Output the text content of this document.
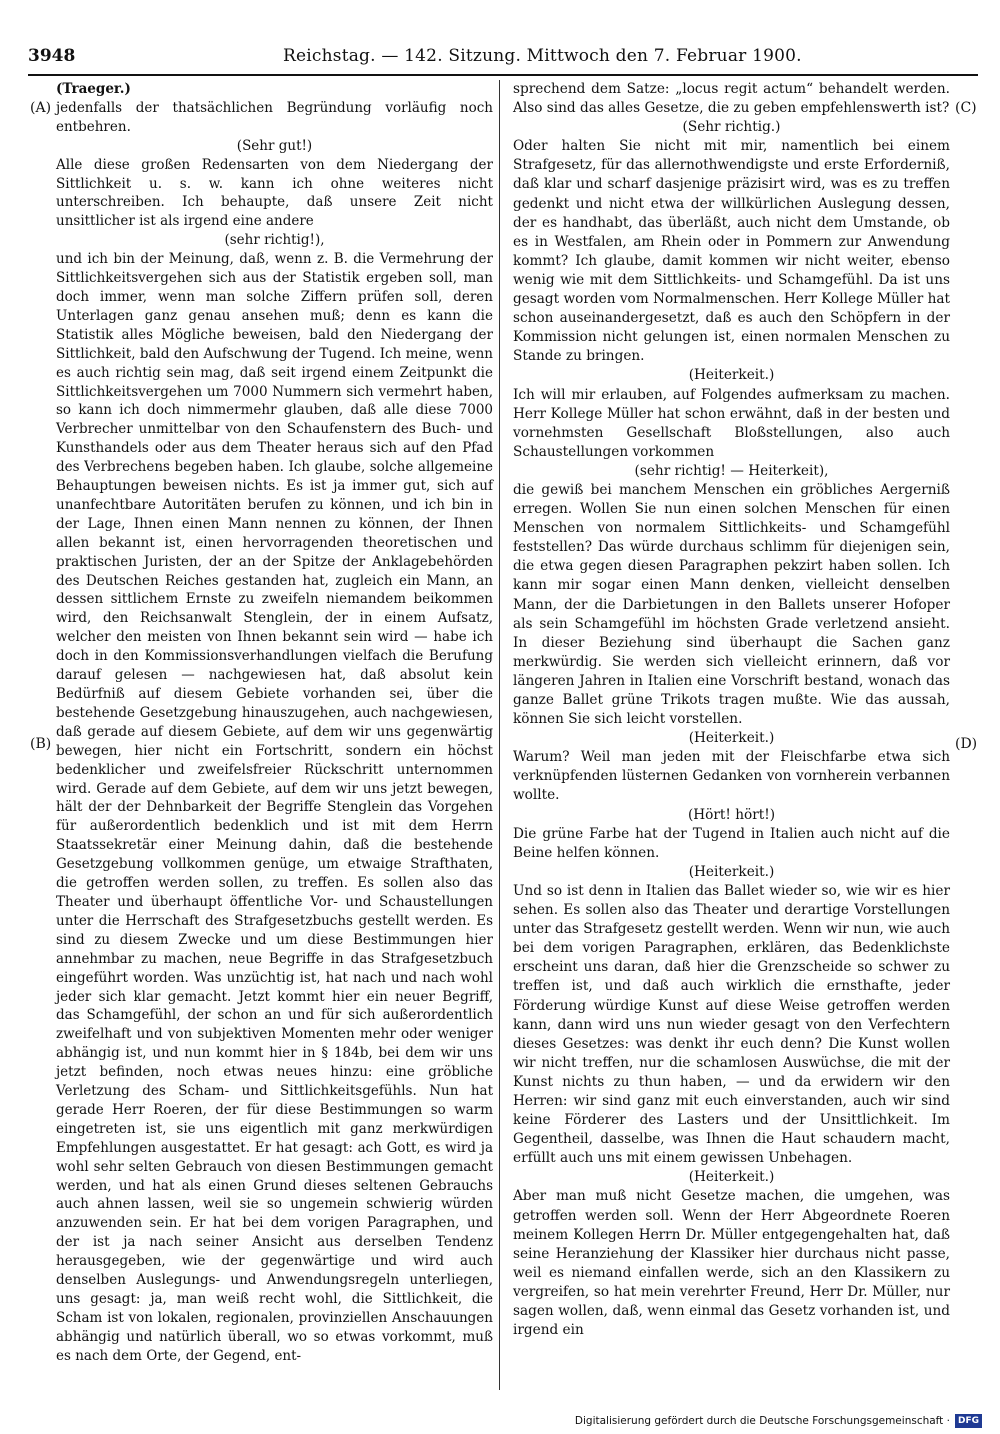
3948	Reichstag. — 142. Sitzung. Mittwoch den 7. Februar 1900.

(Traeger.)

jedenfalls der thatsächlichen Begründung vorläufig noch entbehren.

(Sehr gut!)

Alle diese großen Redensarten von dem Niedergang der Sittlichkeit u. s. w. kann ich ohne weiteres nicht unterschreiben. Ich behaupte, daß unsere Zeit nicht unsittlicher ist als irgend eine andere

(sehr richtig!),

und ich bin der Meinung, daß, wenn z. B. die Vermehrung der Sittlichkeitsvergehen sich aus der Statistik ergeben soll, man doch immer, wenn man solche Ziffern prüfen soll, deren Unterlagen ganz genau ansehen muß; denn es kann die Statistik alles Mögliche beweisen, bald den Niedergang der Sittlichkeit, bald den Aufschwung der Tugend. Ich meine, wenn es auch richtig sein mag, daß seit irgend einem Zeitpunkt die Sittlichkeitsvergehen um 7000 Nummern sich vermehrt haben, so kann ich doch nimmermehr glauben, daß alle diese 7000 Verbrecher unmittelbar von den Schaufenstern des Buch- und Kunsthandels oder aus dem Theater heraus sich auf den Pfad des Verbrechens begeben haben. Ich glaube, solche allgemeine Behauptungen beweisen nichts. Es ist ja immer gut, sich auf unanfechtbare Autoritäten berufen zu können, und ich bin in der Lage, Ihnen einen Mann nennen zu können, der Ihnen allen bekannt ist, einen hervorragenden theoretischen und praktischen Juristen, der an der Spitze der Anklagebehörden des Deutschen Reiches gestanden hat, zugleich ein Mann, an dessen sittlichem Ernste zu zweifeln niemandem beikommen wird, den Reichsanwalt Stenglein, der in einem Aufsatz, welcher den meisten von Ihnen bekannt sein wird — habe ich doch in den Kommissionsverhandlungen vielfach die Berufung darauf gelesen — nachgewiesen hat, daß absolut kein Bedürfniß auf diesem Gebiete vorhanden sei, über die bestehende Gesetzgebung hinauszugehen, auch nachgewiesen, daß gerade auf diesem Gebiete, auf dem wir uns gegenwärtig bewegen, hier nicht ein Fortschritt, sondern ein höchst bedenklicher und zweifelsfreier Rückschritt unternommen wird. Gerade auf dem Gebiete, auf dem wir uns jetzt bewegen, hält der der Dehnbarkeit der Begriffe Stenglein das Vorgehen für außerordentlich bedenklich und ist mit dem Herrn Staatssekretär einer Meinung dahin, daß die bestehende Gesetzgebung vollkommen genüge, um etwaige Strafthaten, die getroffen werden sollen, zu treffen. Es sollen also das Theater und überhaupt öffentliche Vor- und Schaustellungen unter die Herrschaft des Strafgesetzbuchs gestellt werden. Es sind zu diesem Zwecke und um diese Bestimmungen hier annehmbar zu machen, neue Begriffe in das Strafgesetzbuch eingeführt worden. Was unzüchtig ist, hat nach und nach wohl jeder sich klar gemacht. Jetzt kommt hier ein neuer Begriff, das Schamgefühl, der schon an und für sich außerordentlich zweifelhaft und von subjektiven Momenten mehr oder weniger abhängig ist, und nun kommt hier in § 184b, bei dem wir uns jetzt befinden, noch etwas neues hinzu: eine gröbliche Verletzung des Scham- und Sittlichkeitsgefühls. Nun hat gerade Herr Roeren, der für diese Bestimmungen so warm eingetreten ist, sie uns eigentlich mit ganz merkwürdigen Empfehlungen ausgestattet. Er hat gesagt: ach Gott, es wird ja wohl sehr selten Gebrauch von diesen Bestimmungen gemacht werden, und hat als einen Grund dieses seltenen Gebrauchs auch ahnen lassen, weil sie so ungemein schwierig würden anzuwenden sein. Er hat bei dem vorigen Paragraphen, und der ist ja nach seiner Ansicht aus derselben Tendenz herausgegeben, wie der gegenwärtige und wird auch denselben Auslegungs- und Anwendungsregeln unterliegen, uns gesagt: ja, man weiß recht wohl, die Sittlichkeit, die Scham ist von lokalen, regionalen, provinziellen Anschauungen abhängig und natürlich überall, wo so etwas vorkommt, muß es nach dem Orte, der Gegend, ent-

sprechend dem Satze: „locus regit actum“ behandelt werden. Also sind das alles Gesetze, die zu geben empfehlenswerth ist?

(Sehr richtig.)

Oder halten Sie nicht mit mir, namentlich bei einem Strafgesetz, für das allernothwendigste und erste Erforderniß, daß klar und scharf dasjenige präzisirt wird, was es zu treffen gedenkt und nicht etwa der willkürlichen Auslegung dessen, der es handhabt, das überläßt, auch nicht dem Umstande, ob es in Westfalen, am Rhein oder in Pommern zur Anwendung kommt? Ich glaube, damit kommen wir nicht weiter, ebenso wenig wie mit dem Sittlichkeits- und Schamgefühl. Da ist uns gesagt worden vom Normalmenschen. Herr Kollege Müller hat schon auseinandergesetzt, daß es auch den Schöpfern in der Kommission nicht gelungen ist, einen normalen Menschen zu Stande zu bringen.

(Heiterkeit.)

Ich will mir erlauben, auf Folgendes aufmerksam zu machen. Herr Kollege Müller hat schon erwähnt, daß in der besten und vornehmsten Gesellschaft Bloßstellungen, also auch Schaustellungen vorkommen

(sehr richtig! — Heiterkeit),

die gewiß bei manchem Menschen ein gröbliches Aergerniß erregen. Wollen Sie nun einen solchen Menschen für einen Menschen von normalem Sittlichkeits- und Schamgefühl feststellen? Das würde durchaus schlimm für diejenigen sein, die etwa gegen diesen Paragraphen pekzirt haben sollen. Ich kann mir sogar einen Mann denken, vielleicht denselben Mann, der die Darbietungen in den Ballets unserer Hofoper als sein Schamgefühl im höchsten Grade verletzend ansieht. In dieser Beziehung sind überhaupt die Sachen ganz merkwürdig. Sie werden sich vielleicht erinnern, daß vor längeren Jahren in Italien eine Vorschrift bestand, wonach das ganze Ballet grüne Trikots tragen mußte. Wie das aussah, können Sie sich leicht vorstellen.

(Heiterkeit.)

Warum? Weil man jeden mit der Fleischfarbe etwa sich verknüpfenden lüsternen Gedanken von vornherein verbannen wollte.

(Hört! hört!)

Die grüne Farbe hat der Tugend in Italien auch nicht auf die Beine helfen können.

(Heiterkeit.)

Und so ist denn in Italien das Ballet wieder so, wie wir es hier sehen. Es sollen also das Theater und derartige Vorstellungen unter das Strafgesetz gestellt werden. Wenn wir nun, wie auch bei dem vorigen Paragraphen, erklären, das Bedenklichste erscheint uns daran, daß hier die Grenzscheide so schwer zu treffen ist, und daß auch wirklich die ernsthafte, jeder Förderung würdige Kunst auf diese Weise getroffen werden kann, dann wird uns nun wieder gesagt von den Verfechtern dieses Gesetzes: was denkt ihr euch denn? Die Kunst wollen wir nicht treffen, nur die schamlosen Auswüchse, die mit der Kunst nichts zu thun haben, — und da erwidern wir den Herren: wir sind ganz mit euch einverstanden, auch wir sind keine Förderer des Lasters und der Unsittlichkeit. Im Gegentheil, dasselbe, was Ihnen die Haut schaudern macht, erfüllt auch uns mit einem gewissen Unbehagen.

(Heiterkeit.)

Aber man muß nicht Gesetze machen, die umgehen, was getroffen werden soll. Wenn der Herr Abgeordnete Roeren meinem Kollegen Herrn Dr. Müller entgegengehalten hat, daß seine Heranziehung der Klassiker hier durchaus nicht passe, weil es niemand einfallen werde, sich an den Klassikern zu vergreifen, so hat mein verehrter Freund, Herr Dr. Müller, nur sagen wollen, daß, wenn einmal das Gesetz vorhanden ist, und irgend ein

(A)
(B)
(C)
(D)
Digitalisierung gefördert durch die Deutsche Forschungsgemeinschaft · DFG
